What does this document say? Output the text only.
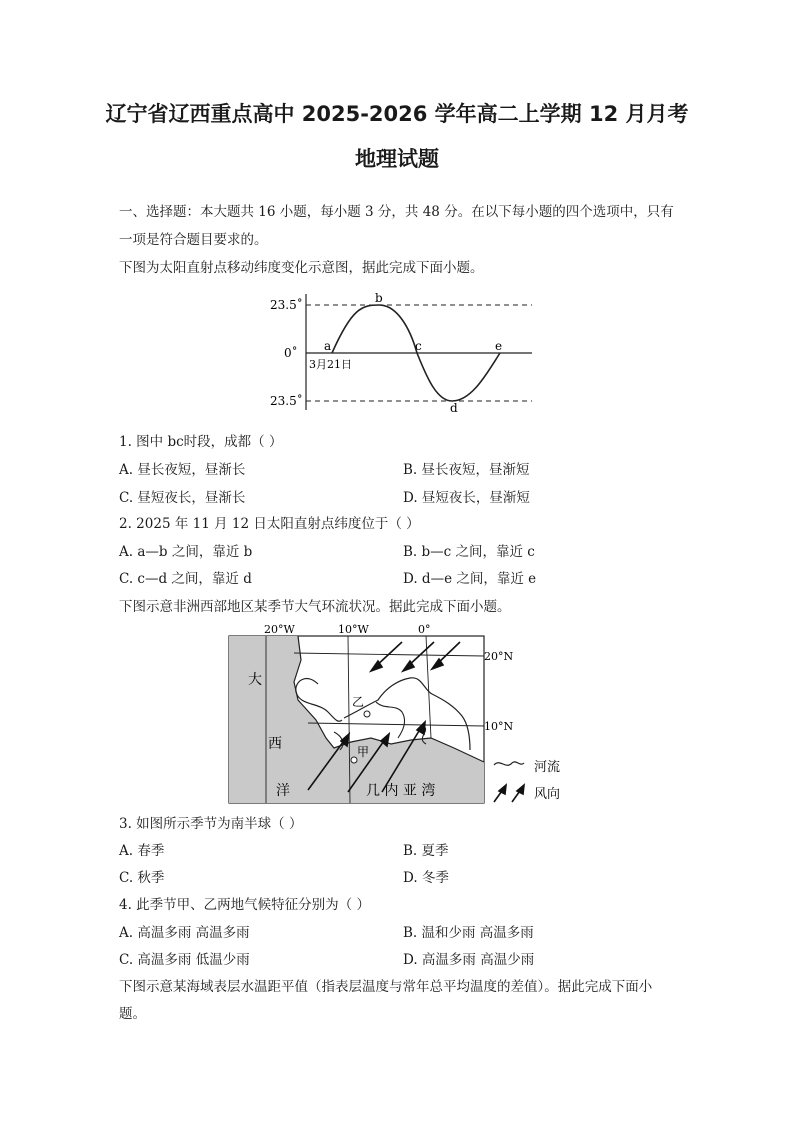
辽宁省辽西重点高中 2025-2026 学年高二上学期 12 月月考
地理试题
一、选择题：本大题共 16 小题，每小题 3 分，共 48 分。在以下每小题的四个选项中，只有
一项是符合题目要求的。
下图为太阳直射点移动纬度变化示意图，据此完成下面小题。
23.5˚
0˚
23.5˚
a
b
c
d
e
3月21日
1. 图中 bc时段，成都（ ）
A. 昼长夜短，昼渐长	B. 昼长夜短，昼渐短
C. 昼短夜长，昼渐长	D. 昼短夜长，昼渐短
2. 2025 年 11 月 12 日太阳直射点纬度位于（ ）
A. a—b 之间，靠近 b	B. b—c 之间，靠近 c
C. c—d 之间，靠近 d	D. d—e 之间，靠近 e
下图示意非洲西部地区某季节大气环流状况。据此完成下面小题。
20°W	10°W	0°
20°N
10°N
大
西
洋	几 内 亚 湾
乙
甲
河流
风向
3. 如图所示季节为南半球（ ）
A. 春季	B. 夏季
C. 秋季	D. 冬季
4. 此季节甲、乙两地气候特征分别为（ ）
A. 高温多雨 高温多雨	B. 温和少雨 高温多雨
C. 高温多雨 低温少雨	D. 高温多雨 高温少雨
下图示意某海域表层水温距平值（指表层温度与常年总平均温度的差值）。据此完成下面小
题。
